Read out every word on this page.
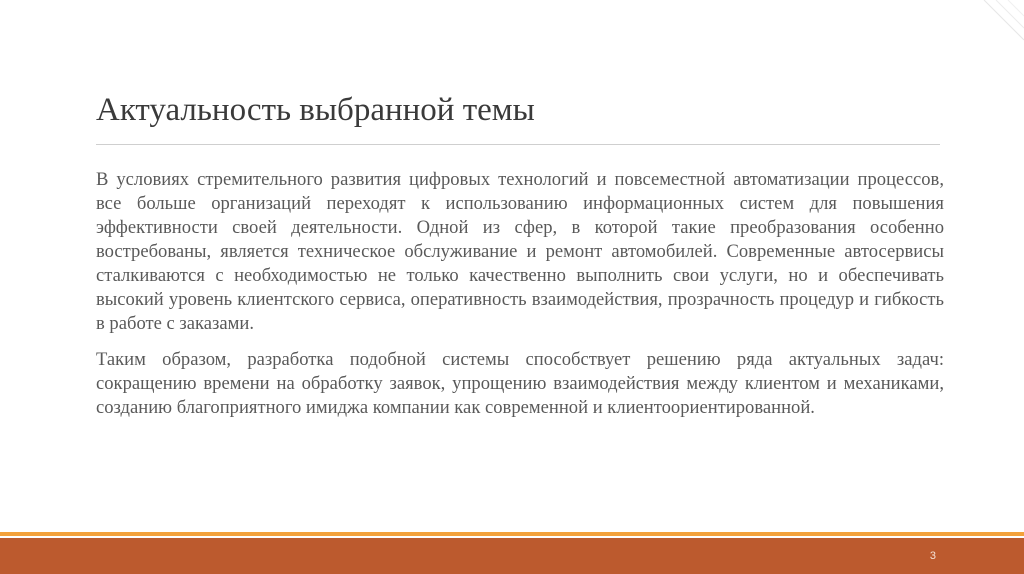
Актуальность выбранной темы

В условиях стремительного развития цифровых технологий и повсеместной автоматизации процессов, все больше организаций переходят к использованию информационных систем для повышения эффективности своей деятельности. Одной из сфер, в которой такие преобразования особенно востребованы, является техническое обслуживание и ремонт автомобилей. Современные автосервисы сталкиваются с необходимостью не только качественно выполнить свои услуги, но и обеспечивать высокий уровень клиентского сервиса, оперативность взаимодействия, прозрачность процедур и гибкость в работе с заказами.

Таким образом, разработка подобной системы способствует решению ряда актуальных задач: сокращению времени на обработку заявок, упрощению взаимодействия между клиентом и механиками, созданию благоприятного имиджа компании как современной и клиентоориентированной.

3
